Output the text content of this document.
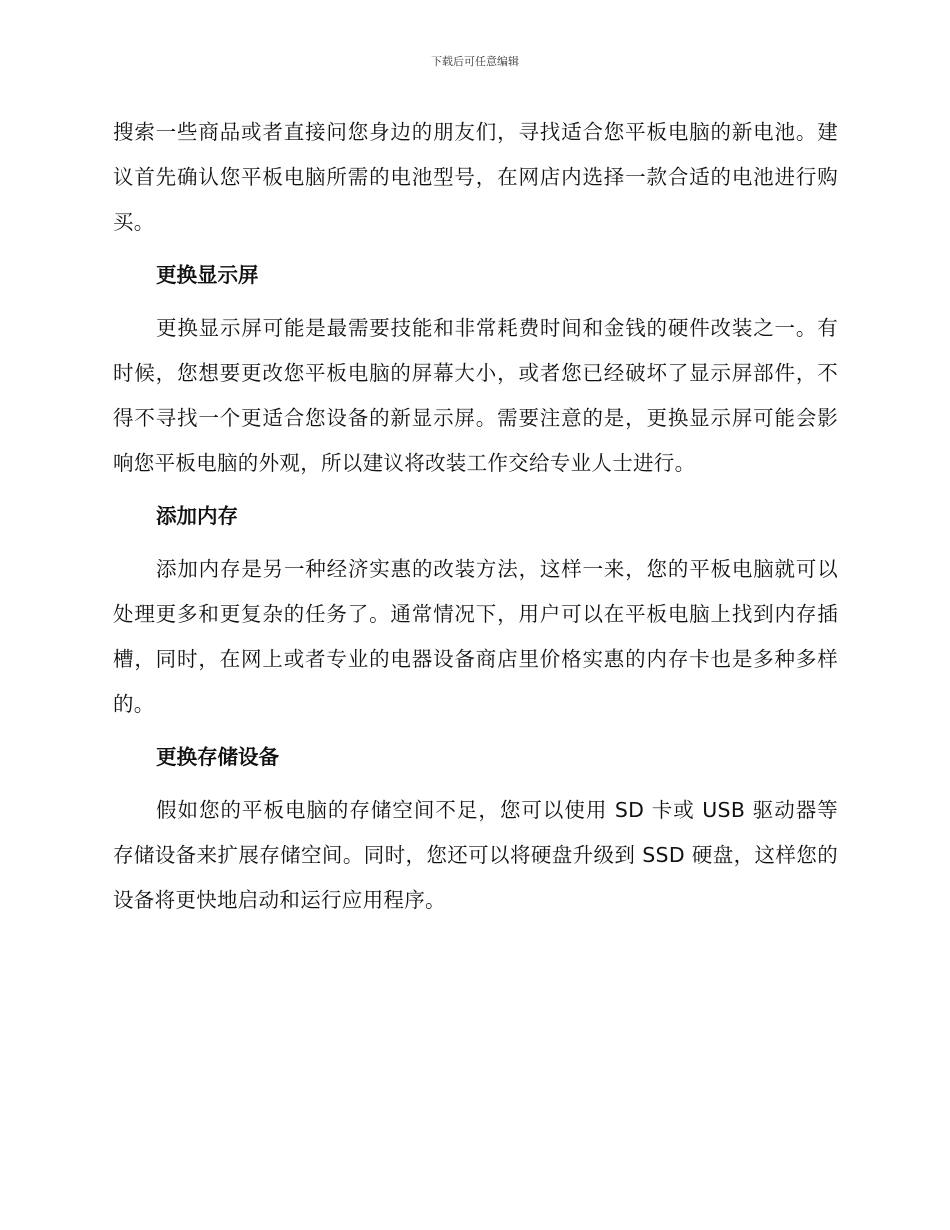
下载后可任意编辑

搜索一些商品或者直接问您身边的朋友们，寻找适合您平板电脑的新电池。建议首先确认您平板电脑所需的电池型号，在网店内选择一款合适的电池进行购买。

更换显示屏

更换显示屏可能是最需要技能和非常耗费时间和金钱的硬件改装之一。有时候，您想要更改您平板电脑的屏幕大小，或者您已经破坏了显示屏部件，不得不寻找一个更适合您设备的新显示屏。需要注意的是，更换显示屏可能会影响您平板电脑的外观，所以建议将改装工作交给专业人士进行。

添加内存

添加内存是另一种经济实惠的改装方法，这样一来，您的平板电脑就可以处理更多和更复杂的任务了。通常情况下，用户可以在平板电脑上找到内存插槽，同时，在网上或者专业的电器设备商店里价格实惠的内存卡也是多种多样的。

更换存储设备

假如您的平板电脑的存储空间不足，您可以使用 SD 卡或 USB 驱动器等存储设备来扩展存储空间。同时，您还可以将硬盘升级到 SSD 硬盘，这样您的设备将更快地启动和运行应用程序。
